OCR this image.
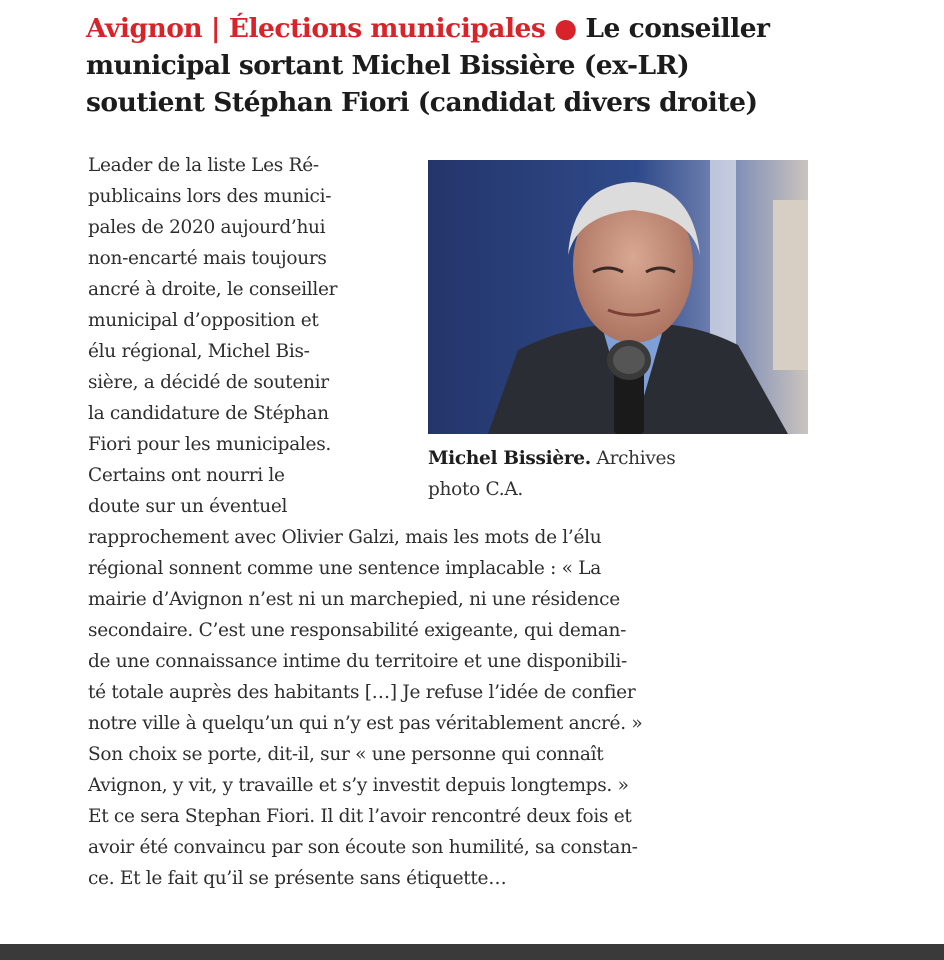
Avignon | Élections municipales ● Le conseiller
municipal sortant Michel Bissière (ex-LR)
soutient Stéphan Fiori (candidat divers droite)
Leader de la liste Les Ré-
publicains lors des munici-
pales de 2020 aujourd’hui
non-encarté mais toujours
ancré à droite, le conseiller
municipal d’opposition et
élu régional, Michel Bis-
sière, a décidé de soutenir
la candidature de Stéphan
Fiori pour les municipales.
Certains ont nourri le
doute sur un éventuel
rapprochement avec Olivier Galzi, mais les mots de l’élu
régional sonnent comme une sentence implacable : « La
mairie d’Avignon n’est ni un marchepied, ni une résidence
secondaire. C’est une responsabilité exigeante, qui deman-
de une connaissance intime du territoire et une disponibili-
té totale auprès des habitants […] Je refuse l’idée de confier
notre ville à quelqu’un qui n’y est pas véritablement ancré. »
Son choix se porte, dit-il, sur « une personne qui connaît
Avignon, y vit, y travaille et s’y investit depuis longtemps. »
Et ce sera Stephan Fiori. Il dit l’avoir rencontré deux fois et
avoir été convaincu par son écoute son humilité, sa constan-
ce. Et le fait qu’il se présente sans étiquette…
Michel Bissière. Archives
photo C.A.
